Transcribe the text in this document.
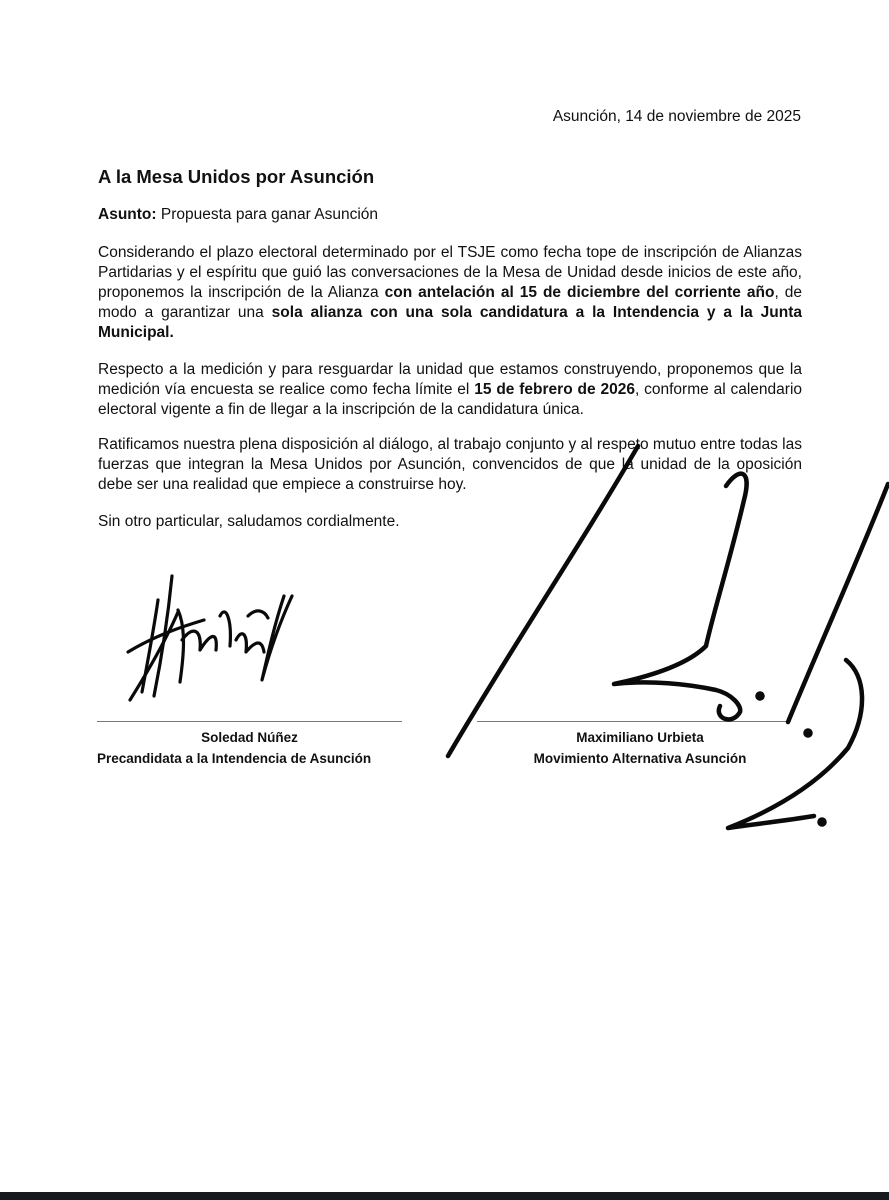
Asunción, 14 de noviembre de 2025
A la Mesa Unidos por Asunción
Asunto: Propuesta para ganar Asunción

Considerando el plazo electoral determinado por el TSJE como fecha tope de inscripción de Alianzas Partidarias y el espíritu que guió las conversaciones de la Mesa de Unidad desde inicios de este año, proponemos la inscripción de la Alianza con antelación al 15 de diciembre del corriente año, de modo a garantizar una sola alianza con una sola candidatura a la Intendencia y a la Junta Municipal.

Respecto a la medición y para resguardar la unidad que estamos construyendo, proponemos que la medición vía encuesta se realice como fecha límite el 15 de febrero de 2026, conforme al calendario electoral vigente a fin de llegar a la inscripción de la candidatura única.

Ratificamos nuestra plena disposición al diálogo, al trabajo conjunto y al respeto mutuo entre todas las fuerzas que integran la Mesa Unidos por Asunción, convencidos de que la unidad de la oposición debe ser una realidad que empiece a construirse hoy.

Sin otro particular, saludamos cordialmente.

Soledad Núñez
Precandidata a la Intendencia de Asunción
Maximiliano Urbieta
Movimiento Alternativa Asunción
